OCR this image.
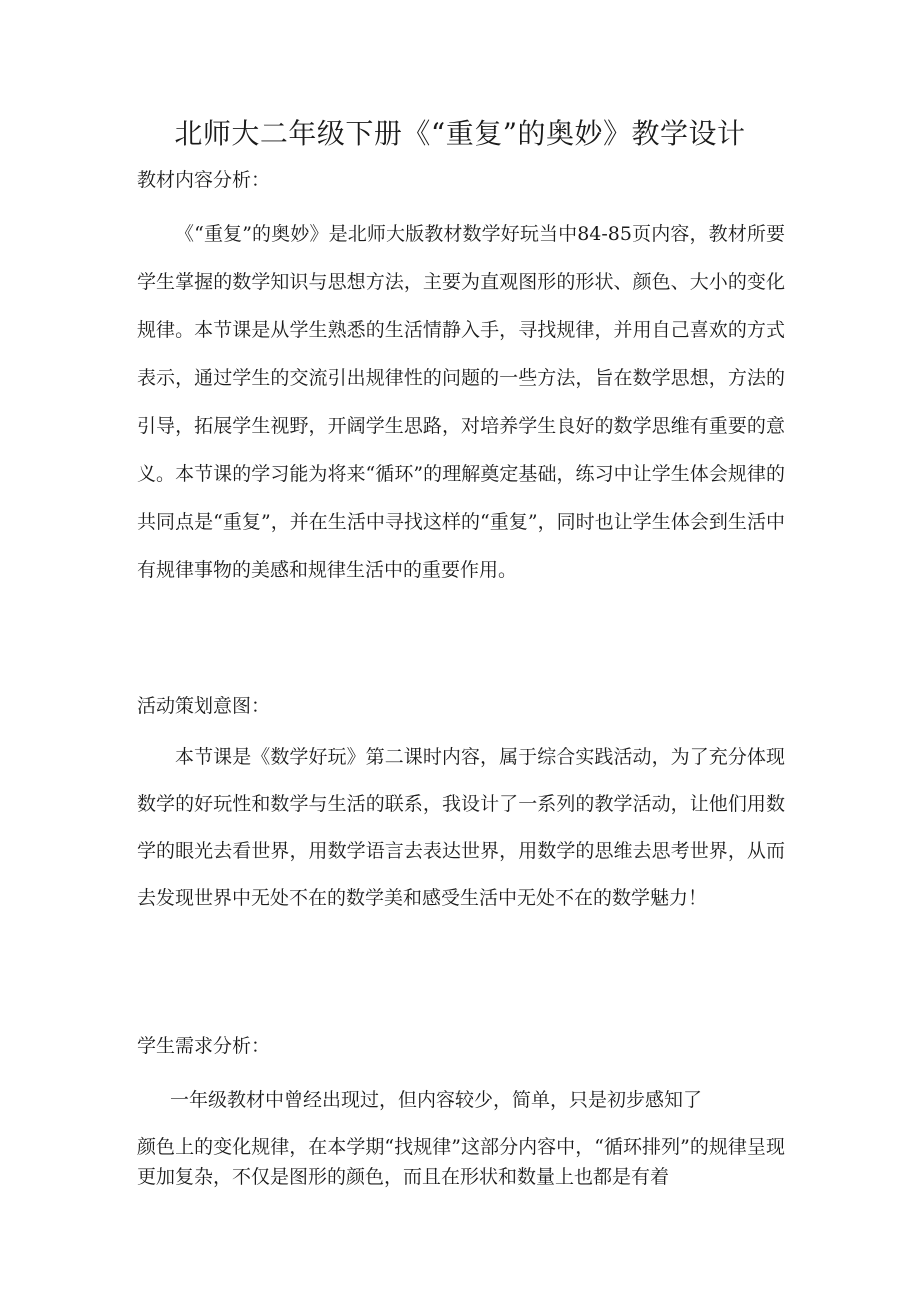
北师大二年级下册《“重复”的奥妙》教学设计
教材内容分析：

《“重复”的奥妙》是北师大版教材数学好玩当中84-85页内容，教材所要学生掌握的数学知识与思想方法，主要为直观图形的形状、颜色、大小的变化规律。本节课是从学生熟悉的生活情静入手，寻找规律，并用自己喜欢的方式表示，通过学生的交流引出规律性的问题的一些方法，旨在数学思想，方法的引导，拓展学生视野，开阔学生思路，对培养学生良好的数学思维有重要的意义。本节课的学习能为将来“循环”的理解奠定基础，练习中让学生体会规律的共同点是“重复”，并在生活中寻找这样的“重复”，同时也让学生体会到生活中有规律事物的美感和规律生活中的重要作用。

活动策划意图：

本节课是《数学好玩》第二课时内容，属于综合实践活动，为了充分体现数学的好玩性和数学与生活的联系，我设计了一系列的教学活动，让他们用数学的眼光去看世界，用数学语言去表达世界，用数学的思维去思考世界，从而去发现世界中无处不在的数学美和感受生活中无处不在的数学魅力！

学生需求分析：
一年级教材中曾经出现过，但内容较少，简单，只是初步感知了

颜色上的变化规律，在本学期“找规律”这部分内容中，“循环排列”的规律呈现更加复杂，不仅是图形的颜色，而且在形状和数量上也都是有着
